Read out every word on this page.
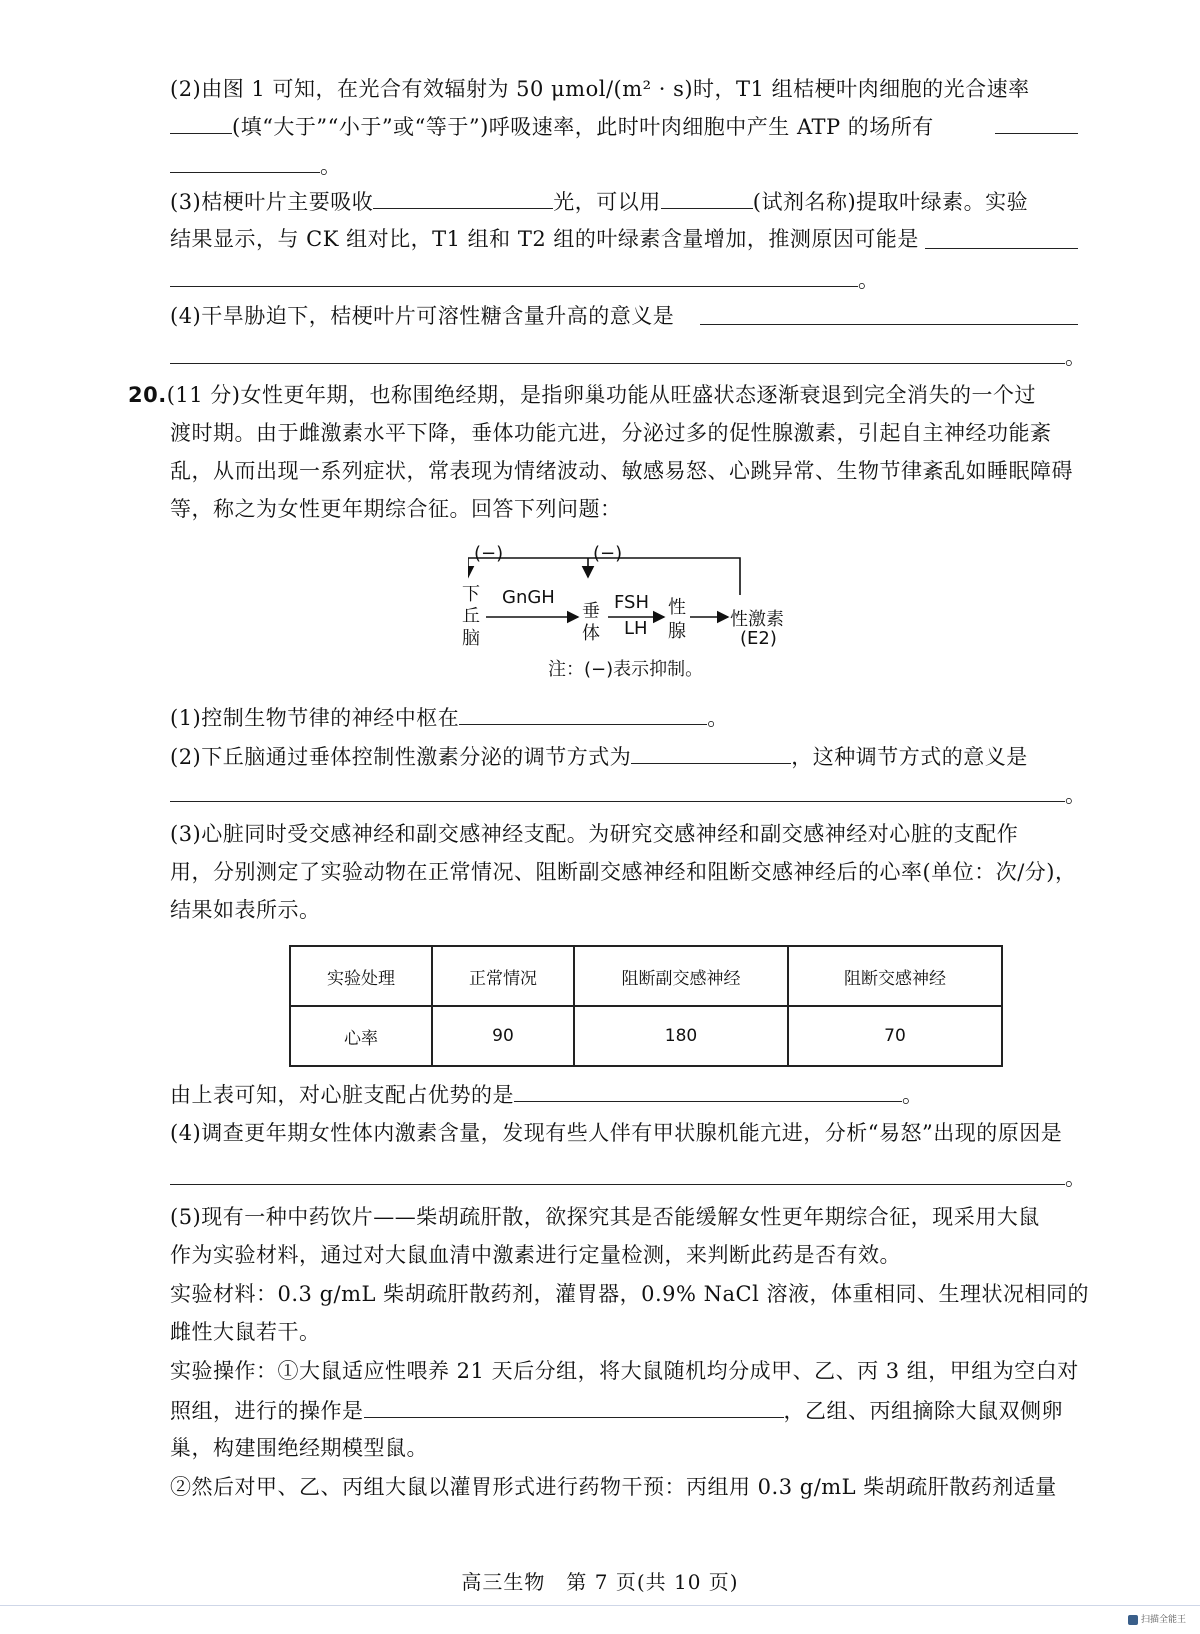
(2)由图 1 可知，在光合有效辐射为 50 μmol/(m² · s)时，T1 组桔梗叶肉细胞的光合速率
(填“大于”“小于”或“等于”)呼吸速率，此时叶肉细胞中产生 ATP 的场所有
。
(3)桔梗叶片主要吸收	光，可以用	(试剂名称)提取叶绿素。实验
结果显示，与 CK 组对比，T1 组和 T2 组的叶绿素含量增加，推测原因可能是
。
(4)干旱胁迫下，桔梗叶片可溶性糖含量升高的意义是
。
20.(11 分)女性更年期，也称围绝经期，是指卵巢功能从旺盛状态逐渐衰退到完全消失的一个过
渡时期。由于雌激素水平下降，垂体功能亢进，分泌过多的促性腺激素，引起自主神经功能紊
乱，从而出现一系列症状，常表现为情绪波动、敏感易怒、心跳异常、生物节律紊乱如睡眠障碍
等，称之为女性更年期综合征。回答下列问题：
(−)	(−)
下
丘
脑
GnGH
垂
体
FSH
LH
性
腺
性激素
(E2)
注：(−)表示抑制。
(1)控制生物节律的神经中枢在	。
(2)下丘脑通过垂体控制性激素分泌的调节方式为	，这种调节方式的意义是
。
(3)心脏同时受交感神经和副交感神经支配。为研究交感神经和副交感神经对心脏的支配作
用，分别测定了实验动物在正常情况、阻断副交感神经和阻断交感神经后的心率(单位：次/分)，
结果如表所示。
实验处理	正常情况	阻断副交感神经	阻断交感神经
心率	90	180	70
由上表可知，对心脏支配占优势的是	。
(4)调查更年期女性体内激素含量，发现有些人伴有甲状腺机能亢进，分析“易怒”出现的原因是
。
(5)现有一种中药饮片——柴胡疏肝散，欲探究其是否能缓解女性更年期综合征，现采用大鼠
作为实验材料，通过对大鼠血清中激素进行定量检测，来判断此药是否有效。
实验材料：0.3 g/mL 柴胡疏肝散药剂，灌胃器，0.9% NaCl 溶液，体重相同、生理状况相同的
雌性大鼠若干。
实验操作：①大鼠适应性喂养 21 天后分组，将大鼠随机均分成甲、乙、丙 3 组，甲组为空白对
照组，进行的操作是	，乙组、丙组摘除大鼠双侧卵
巢，构建围绝经期模型鼠。
②然后对甲、乙、丙组大鼠以灌胃形式进行药物干预：丙组用 0.3 g/mL 柴胡疏肝散药剂适量
高三生物　第 7 页(共 10 页)
扫描全能王
